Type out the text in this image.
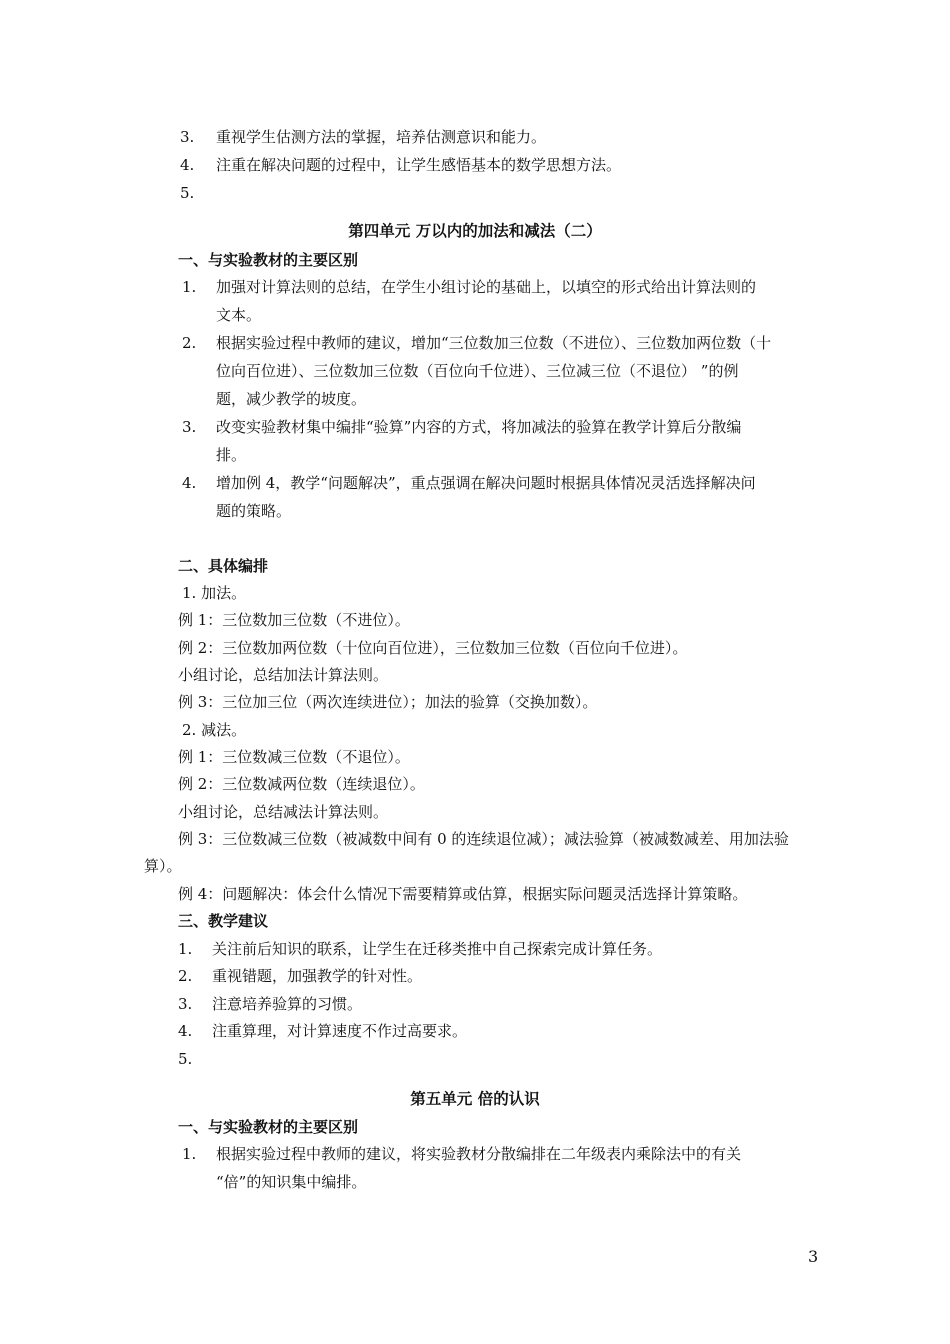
3. 重视学生估测方法的掌握，培养估测意识和能力。

4. 注重在解决问题的过程中，让学生感悟基本的数学思想方法。

5.
第四单元 万以内的加法和减法（二）
一、与实验教材的主要区别
1. 加强对计算法则的总结，在学生小组讨论的基础上，以填空的形式给出计算法则的

文本。

2. 根据实验过程中教师的建议，增加“三位数加三位数（不进位）、三位数加两位数（十

位向百位进）、三位数加三位数（百位向千位进）、三位减三位（不退位） ”的例

题，减少教学的坡度。

3. 改变实验教材集中编排“验算”内容的方式，将加减法的验算在教学计算后分散编

排。

4. 增加例 4，教学“问题解决”，重点强调在解决问题时根据具体情况灵活选择解决问

题的策略。

二、具体编排

1. 加法。

例 1：三位数加三位数（不进位）。

例 2：三位数加两位数（十位向百位进），三位数加三位数（百位向千位进）。

小组讨论，总结加法计算法则。

例 3：三位加三位（两次连续进位）；加法的验算（交换加数）。

2. 减法。

例 1：三位数减三位数（不退位）。

例 2：三位数减两位数（连续退位）。

小组讨论，总结减法计算法则。

例 3：三位数减三位数（被减数中间有 0 的连续退位减）；减法验算（被减数减差、用加法验

算）。

例 4：问题解决：体会什么情况下需要精算或估算，根据实际问题灵活选择计算策略。

三、教学建议
1. 关注前后知识的联系，让学生在迁移类推中自己探索完成计算任务。

2. 重视错题，加强教学的针对性。

3. 注意培养验算的习惯。

4. 注重算理，对计算速度不作过高要求。

5.
第五单元 倍的认识
一、与实验教材的主要区别
1. 根据实验过程中教师的建议，将实验教材分散编排在二年级表内乘除法中的有关

“倍”的知识集中编排。

3
